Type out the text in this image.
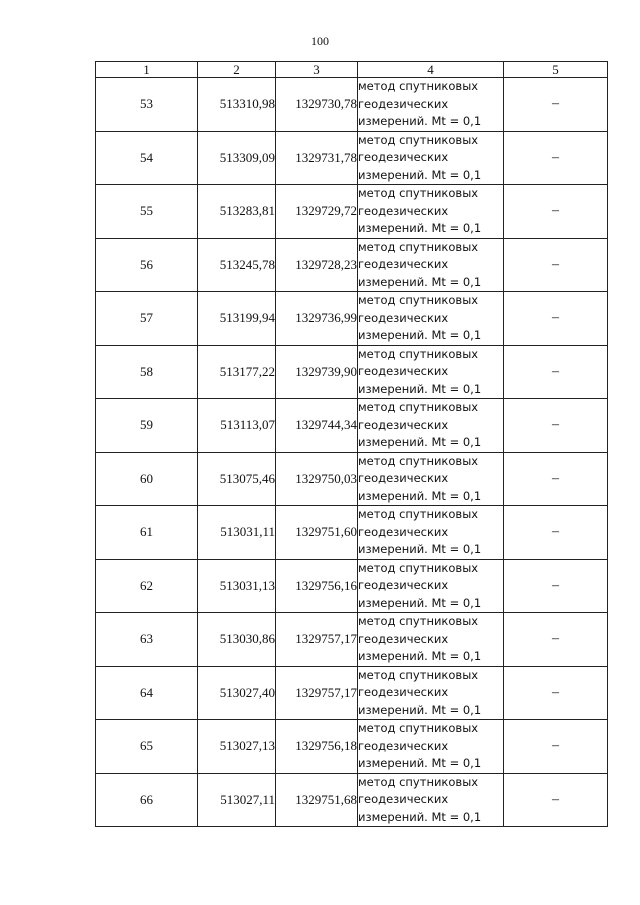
100
1	2	3	4	5
53	513310,98	1329730,78	метод спутниковых
геодезических
измерений. Mt = 0,1	–
54	513309,09	1329731,78	метод спутниковых
геодезических
измерений. Mt = 0,1	–
55	513283,81	1329729,72	метод спутниковых
геодезических
измерений. Mt = 0,1	–
56	513245,78	1329728,23	метод спутниковых
геодезических
измерений. Mt = 0,1	–
57	513199,94	1329736,99	метод спутниковых
геодезических
измерений. Mt = 0,1	–
58	513177,22	1329739,90	метод спутниковых
геодезических
измерений. Mt = 0,1	–
59	513113,07	1329744,34	метод спутниковых
геодезических
измерений. Mt = 0,1	–
60	513075,46	1329750,03	метод спутниковых
геодезических
измерений. Mt = 0,1	–
61	513031,11	1329751,60	метод спутниковых
геодезических
измерений. Mt = 0,1	–
62	513031,13	1329756,16	метод спутниковых
геодезических
измерений. Mt = 0,1	–
63	513030,86	1329757,17	метод спутниковых
геодезических
измерений. Mt = 0,1	–
64	513027,40	1329757,17	метод спутниковых
геодезических
измерений. Mt = 0,1	–
65	513027,13	1329756,18	метод спутниковых
геодезических
измерений. Mt = 0,1	–
66	513027,11	1329751,68	метод спутниковых
геодезических
измерений. Mt = 0,1	–
